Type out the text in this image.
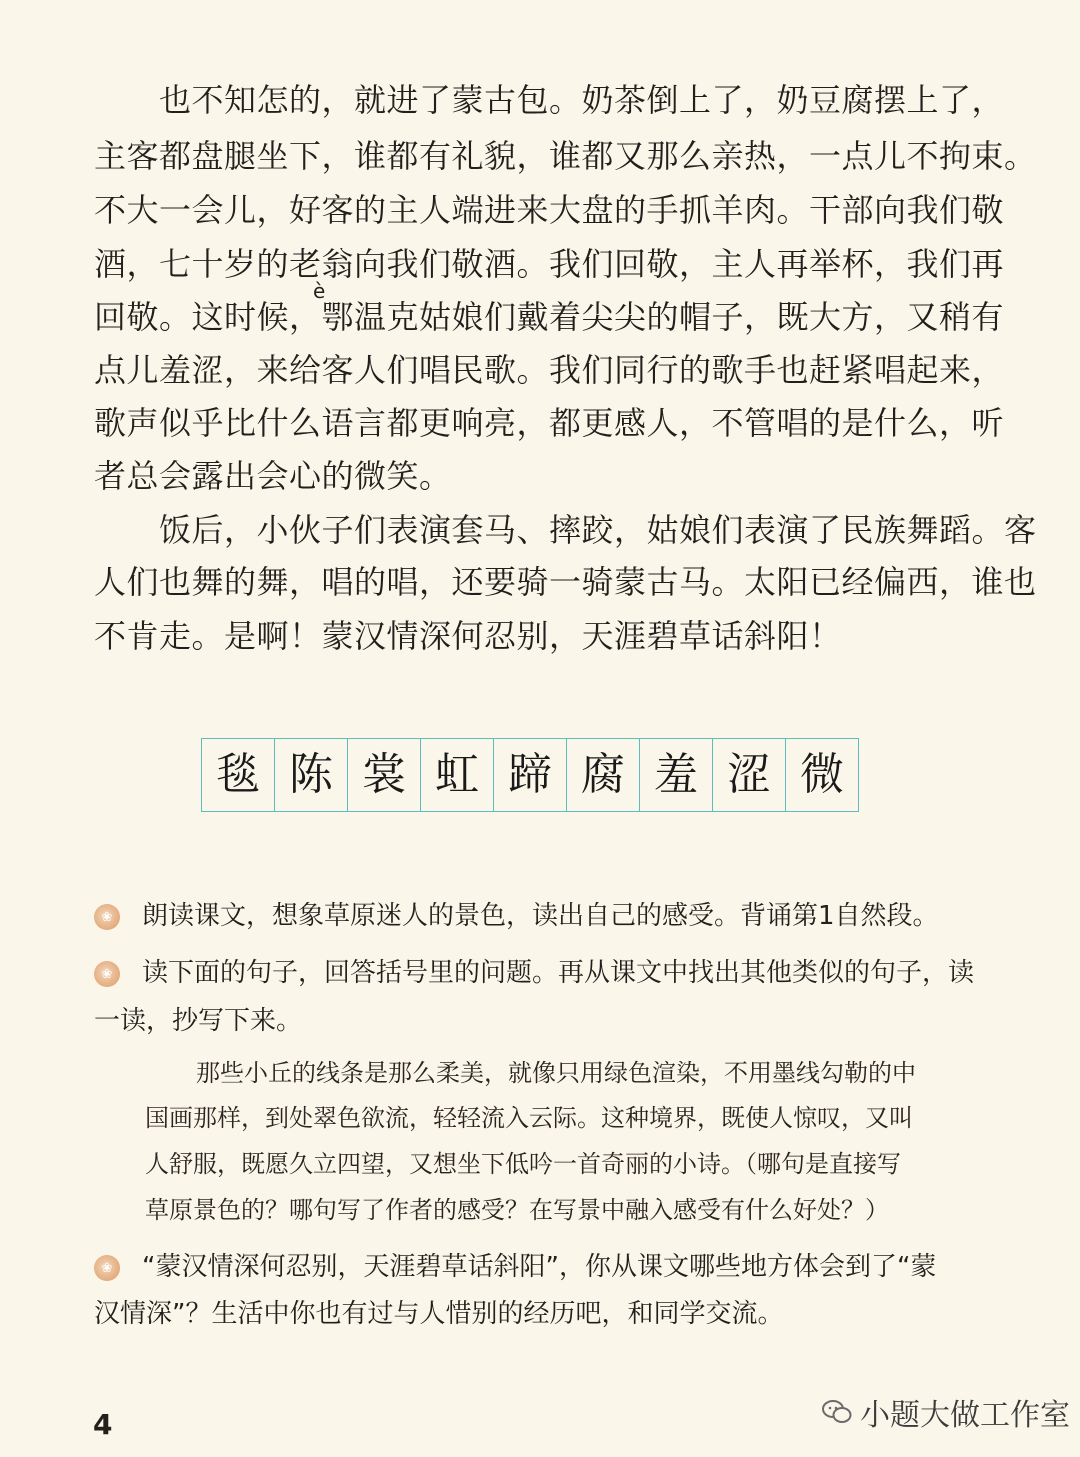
　　也不知怎的，就进了蒙古包。奶茶倒上了，奶豆腐摆上了，
主客都盘腿坐下，谁都有礼貌，谁都又那么亲热，一点儿不拘束。
不大一会儿，好客的主人端进来大盘的手抓羊肉。干部向我们敬
酒，七十岁的老翁向我们敬酒。我们回敬，主人再举杯，我们再
è
回敬。这时候，鄂温克姑娘们戴着尖尖的帽子，既大方，又稍有
点儿羞涩，来给客人们唱民歌。我们同行的歌手也赶紧唱起来，
歌声似乎比什么语言都更响亮，都更感人，不管唱的是什么，听
者总会露出会心的微笑。
　　饭后，小伙子们表演套马、摔跤，姑娘们表演了民族舞蹈。客
人们也舞的舞，唱的唱，还要骑一骑蒙古马。太阳已经偏西，谁也
不肯走。是啊！蒙汉情深何忍别，天涯碧草话斜阳！
毯 陈 裳 虹 蹄 腐 羞 涩 微
❀ 朗读课文，想象草原迷人的景色，读出自己的感受。背诵第1自然段。
❀ 读下面的句子，回答括号里的问题。再从课文中找出其他类似的句子，读
一读，抄写下来。
那些小丘的线条是那么柔美，就像只用绿色渲染，不用墨线勾勒的中
国画那样，到处翠色欲流，轻轻流入云际。这种境界，既使人惊叹，又叫
人舒服，既愿久立四望，又想坐下低吟一首奇丽的小诗。（哪句是直接写
草原景色的？哪句写了作者的感受？在写景中融入感受有什么好处？）
❀ “蒙汉情深何忍别，天涯碧草话斜阳”，你从课文哪些地方体会到了“蒙
汉情深”？生活中你也有过与人惜别的经历吧，和同学交流。
4	小题大做工作室
